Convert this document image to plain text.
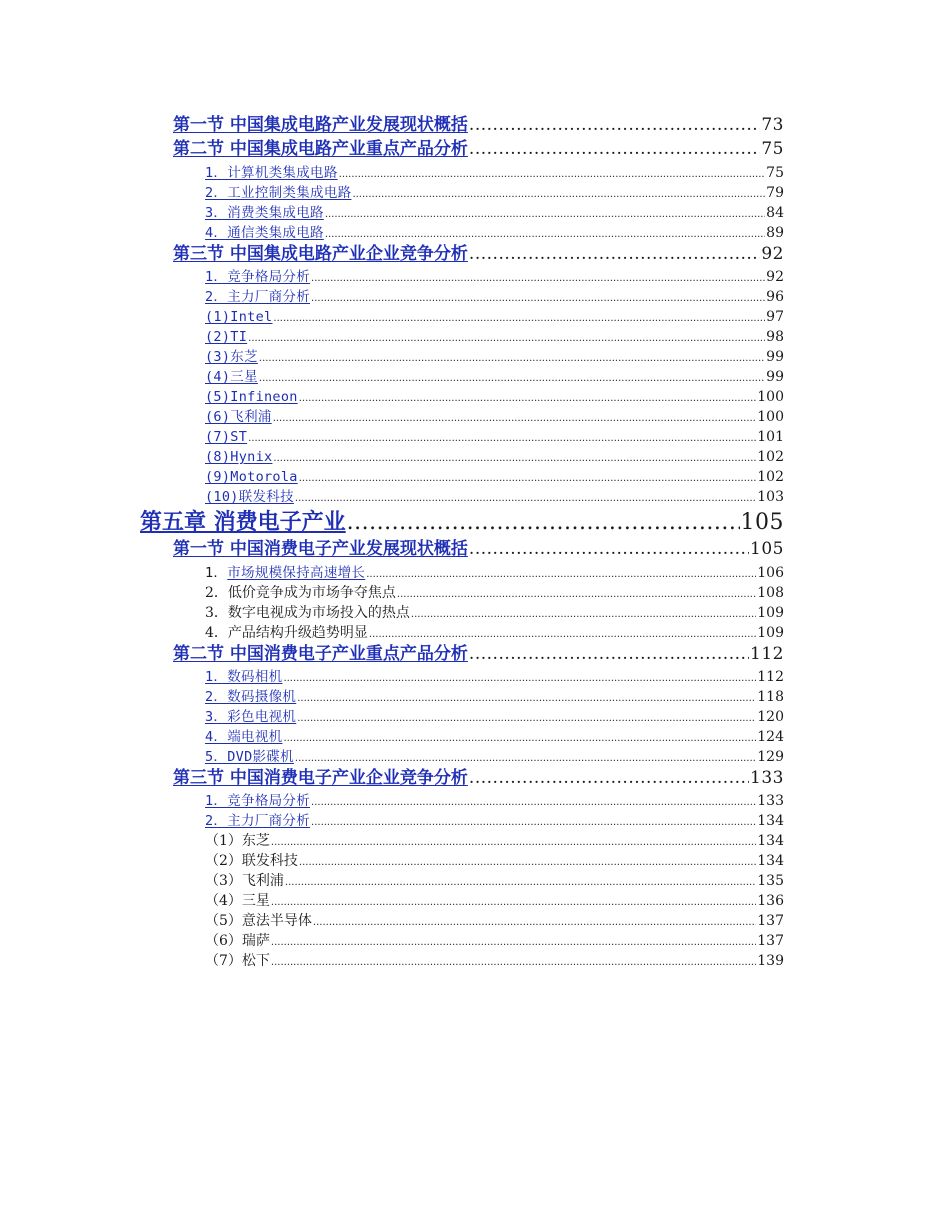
第一节 中国集成电路产业发展现状概括 .....	73
第二节 中国集成电路产业重点产品分析 .....	75
1．计算机类集成电路 .....	75
2．工业控制类集成电路 .....	79
3．消费类集成电路 .....	84
4．通信类集成电路 .....	89
第三节 中国集成电路产业企业竞争分析 .....	92
1．竞争格局分析 .....	92
2．主力厂商分析 .....	96
(1)Intel .....	97
(2)TI .....	98
(3)东芝 .....	99
(4)三星 .....	99
(5)Infineon .....	100
(6)飞利浦 .....	100
(7)ST .....	101
(8)Hynix .....	102
(9)Motorola .....	102
(10)联发科技 .....	103
第五章 消费电子产业 .....	105
第一节 中国消费电子产业发展现状概括 .....	105
1．市场规模保持高速增长 .....	106
2．低价竞争成为市场争夺焦点 .....	108
3．数字电视成为市场投入的热点 .....	109
4．产品结构升级趋势明显 .....	109
第二节 中国消费电子产业重点产品分析 .....	112
1．数码相机 .....	112
2．数码摄像机 .....	118
3．彩色电视机 .....	120
4．端电视机 .....	124
5．DVD影碟机 .....	129
第三节 中国消费电子产业企业竞争分析 .....	133
1．竞争格局分析 .....	133
2．主力厂商分析 .....	134
（1）东芝 .....	134
（2）联发科技 .....	134
（3）飞利浦 .....	135
（4）三星 .....	136
（5）意法半导体 .....	137
（6）瑞萨 .....	137
（7）松下 .....	139
